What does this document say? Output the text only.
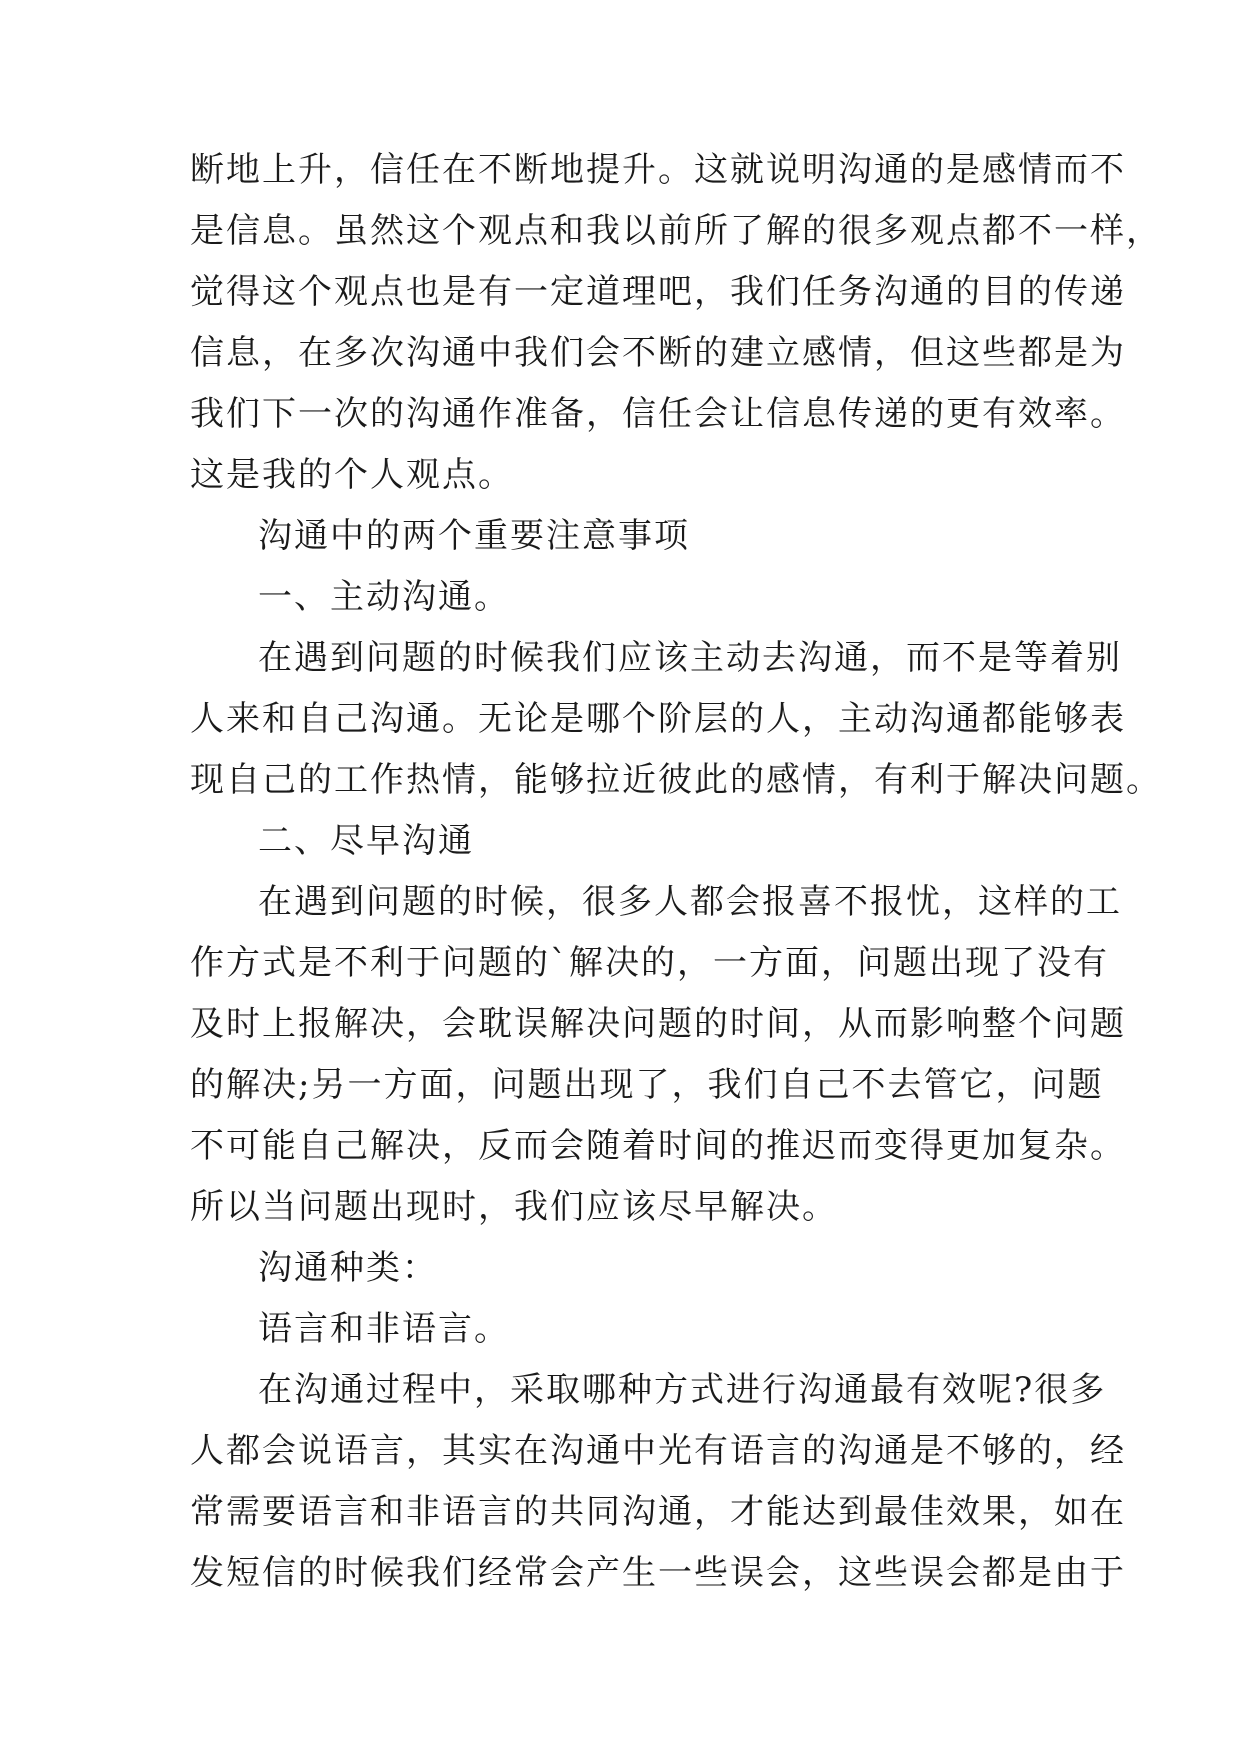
断地上升，信任在不断地提升。这就说明沟通的是感情而不
是信息。虽然这个观点和我以前所了解的很多观点都不一样，
觉得这个观点也是有一定道理吧，我们任务沟通的目的传递
信息，在多次沟通中我们会不断的建立感情，但这些都是为
我们下一次的沟通作准备，信任会让信息传递的更有效率。
这是我的个人观点。
沟通中的两个重要注意事项
一、主动沟通。
在遇到问题的时候我们应该主动去沟通，而不是等着别
人来和自己沟通。无论是哪个阶层的人，主动沟通都能够表
现自己的工作热情，能够拉近彼此的感情，有利于解决问题。
二、尽早沟通
在遇到问题的时候，很多人都会报喜不报忧，这样的工
作方式是不利于问题的`解决的，一方面，问题出现了没有
及时上报解决，会耽误解决问题的时间，从而影响整个问题
的解决;另一方面，问题出现了，我们自己不去管它，问题
不可能自己解决，反而会随着时间的推迟而变得更加复杂。
所以当问题出现时，我们应该尽早解决。
沟通种类：
语言和非语言。
在沟通过程中，采取哪种方式进行沟通最有效呢?很多
人都会说语言，其实在沟通中光有语言的沟通是不够的，经
常需要语言和非语言的共同沟通，才能达到最佳效果，如在
发短信的时候我们经常会产生一些误会，这些误会都是由于
